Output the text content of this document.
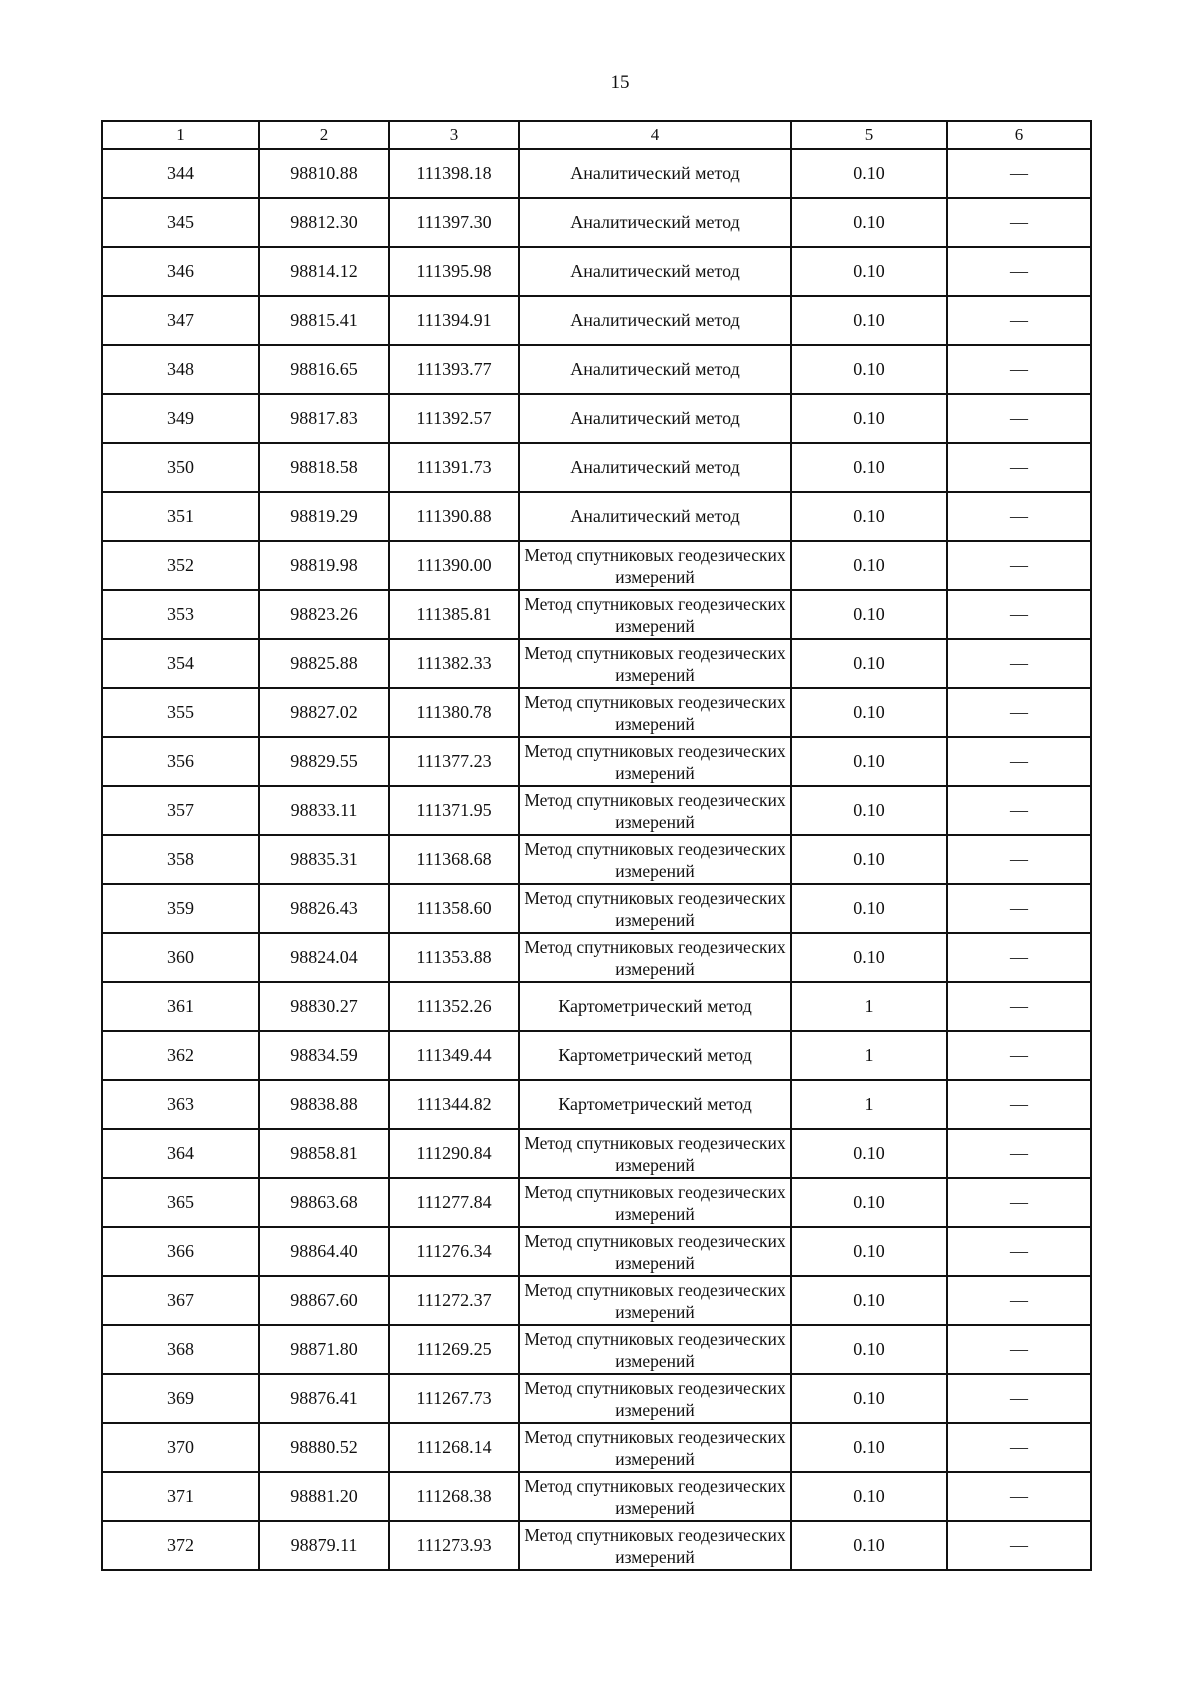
15
1	2	3	4	5	6
344	98810.88	111398.18	Аналитический метод	0.10	—
345	98812.30	111397.30	Аналитический метод	0.10	—
346	98814.12	111395.98	Аналитический метод	0.10	—
347	98815.41	111394.91	Аналитический метод	0.10	—
348	98816.65	111393.77	Аналитический метод	0.10	—
349	98817.83	111392.57	Аналитический метод	0.10	—
350	98818.58	111391.73	Аналитический метод	0.10	—
351	98819.29	111390.88	Аналитический метод	0.10	—
352	98819.98	111390.00	Метод спутниковых геодезических измерений	0.10	—
353	98823.26	111385.81	Метод спутниковых геодезических измерений	0.10	—
354	98825.88	111382.33	Метод спутниковых геодезических измерений	0.10	—
355	98827.02	111380.78	Метод спутниковых геодезических измерений	0.10	—
356	98829.55	111377.23	Метод спутниковых геодезических измерений	0.10	—
357	98833.11	111371.95	Метод спутниковых геодезических измерений	0.10	—
358	98835.31	111368.68	Метод спутниковых геодезических измерений	0.10	—
359	98826.43	111358.60	Метод спутниковых геодезических измерений	0.10	—
360	98824.04	111353.88	Метод спутниковых геодезических измерений	0.10	—
361	98830.27	111352.26	Картометрический метод	1	—
362	98834.59	111349.44	Картометрический метод	1	—
363	98838.88	111344.82	Картометрический метод	1	—
364	98858.81	111290.84	Метод спутниковых геодезических измерений	0.10	—
365	98863.68	111277.84	Метод спутниковых геодезических измерений	0.10	—
366	98864.40	111276.34	Метод спутниковых геодезических измерений	0.10	—
367	98867.60	111272.37	Метод спутниковых геодезических измерений	0.10	—
368	98871.80	111269.25	Метод спутниковых геодезических измерений	0.10	—
369	98876.41	111267.73	Метод спутниковых геодезических измерений	0.10	—
370	98880.52	111268.14	Метод спутниковых геодезических измерений	0.10	—
371	98881.20	111268.38	Метод спутниковых геодезических измерений	0.10	—
372	98879.11	111273.93	Метод спутниковых геодезических измерений	0.10	—
